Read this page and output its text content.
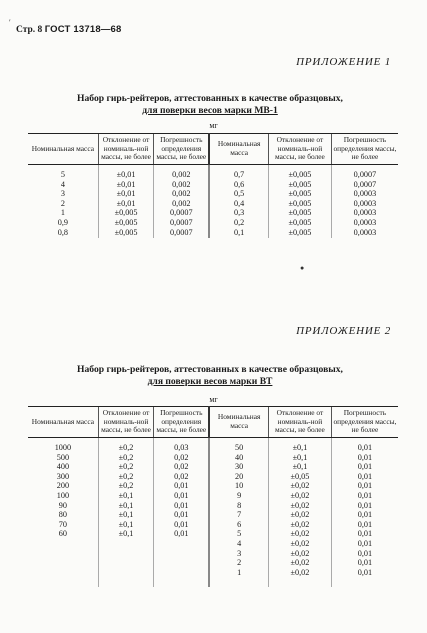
Стр. 8 ГОСТ 13718—68
ПРИЛОЖЕНИЕ 1
Набор гирь-рейтеров, аттестованных в качестве образцовых,
для поверки весов марки МВ-1
мг
Номинальная масса	Отклонение от номиналь-ной массы, не более	Погрешность определения массы, не более	Номинальная масса	Отклонение от номиналь-ной массы, не более	Погрешность определения массы, не более
5	±0,01	0,002	0,7	±0,005	0,0007
4	±0,01	0,002	0,6	±0,005	0,0007
3	±0,01	0,002	0,5	±0,005	0,0003
2	±0,01	0,002	0,4	±0,005	0,0003
1	±0,005	0,0007	0,3	±0,005	0,0003
0,9	±0,005	0,0007	0,2	±0,005	0,0003
0,8	±0,005	0,0007	0,1	±0,005	0,0003
ПРИЛОЖЕНИЕ 2
Набор гирь-рейтеров, аттестованных в качестве образцовых,
для поверки весов марки ВТ
мг
Номинальная масса	Отклонение от номиналь-ной массы, не более	Погрешность определения массы, не более	Номинальная масса	Отклонение от номиналь-ной массы, не более	Погрешность определения массы, не более
1000	±0,2	0,03	50	±0,1	0,01
500	±0,2	0,02	40	±0,1	0,01
400	±0,2	0,02	30	±0,1	0,01
300	±0,2	0,02	20	±0,05	0,01
200	±0,2	0,01	10	±0,02	0,01
100	±0,1	0,01	9	±0,02	0,01
90	±0,1	0,01	8	±0,02	0,01
80	±0,1	0,01	7	±0,02	0,01
70	±0,1	0,01	6	±0,02	0,01
60	±0,1	0,01	5	±0,02	0,01
			4	±0,02	0,01
			3	±0,02	0,01
			2	±0,02	0,01
			1	±0,02	0,01

ʹ
●
